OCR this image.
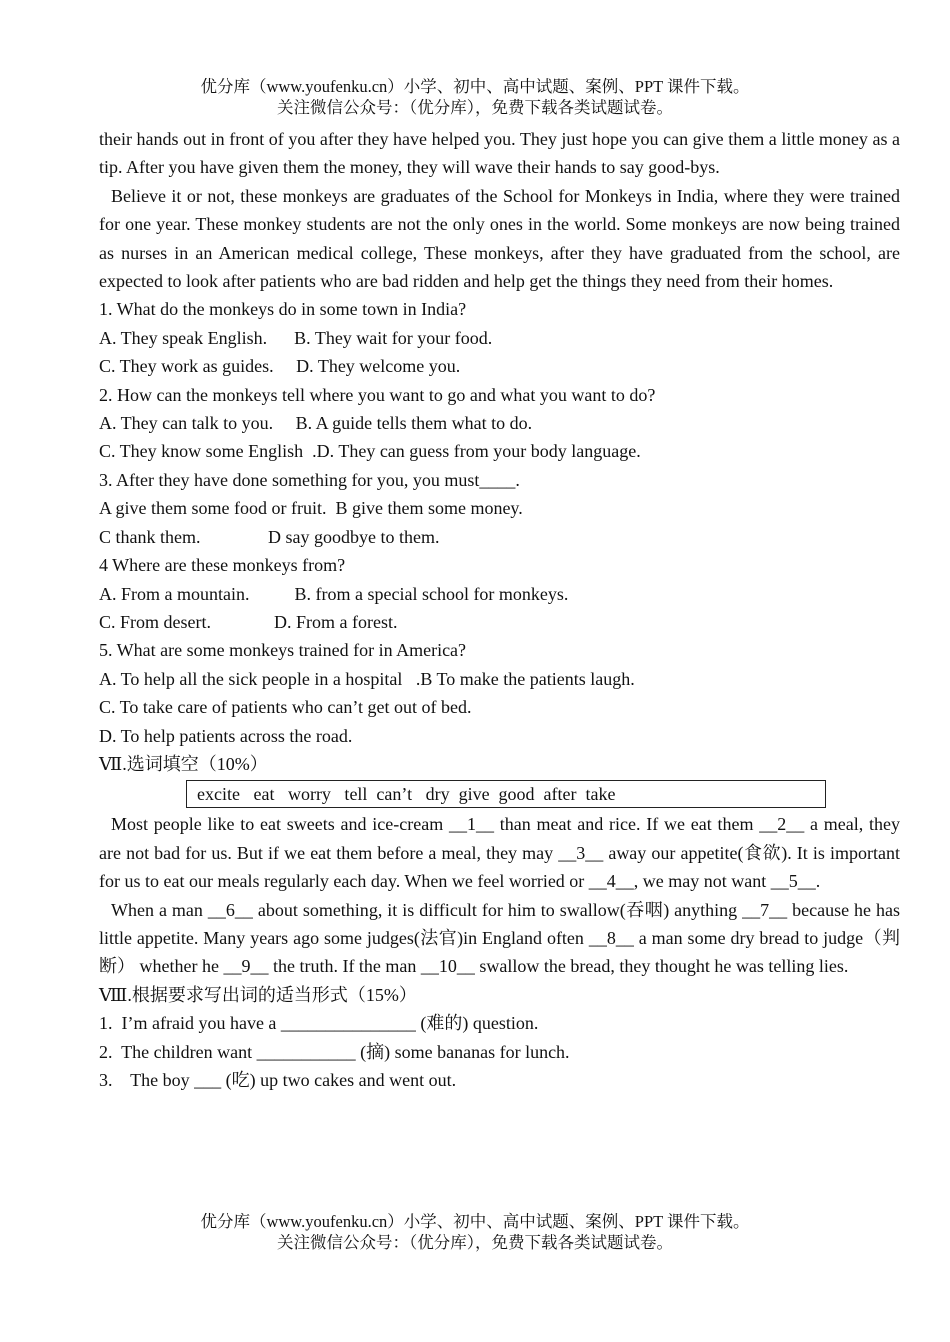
优分库（www.youfenku.cn）小学、初中、高中试题、案例、PPT 课件下载。
关注微信公众号：（优分库），免费下载各类试题试卷。

their hands out in front of you after they have helped you. They just hope you can give them a little money as a tip. After you have given them the money, they will wave their hands to say good-bys.

Believe it or not, these monkeys are graduates of the School for Monkeys in India, where they were trained for one year. These monkey students are not the only ones in the world. Some monkeys are now being trained as nurses in an American medical college, These monkeys, after they have graduated from the school, are expected to look after patients who are bad ridden and help get the things they need from their homes.

1. What do the monkeys do in some town in India?

A. They speak English.      B. They wait for your food.

C. They work as guides.     D. They welcome you.

2. How can the monkeys tell where you want to go and what you want to do?

A. They can talk to you.     B. A guide tells them what to do.

C. They know some English  .D. They can guess from your body language.

3. After they have done something for you, you must____.

A give them some food or fruit.  B give them some money.

C thank them.               D say goodbye to them.

4 Where are these monkeys from?

A. From a mountain.          B. from a special school for monkeys.

C. From desert.              D. From a forest.

5. What are some monkeys trained for in America?

A. To help all the sick people in a hospital   .B To make the patients laugh.

C. To take care of patients who can’t get out of bed.

D. To help patients across the road.

Ⅶ.选词填空（10%）

excite   eat   worry   tell  can’t   dry  give  good  after  take

Most people like to eat sweets and ice-cream __1__ than meat and rice. If we eat them __2__ a meal, they are not bad for us. But if we eat them before a meal, they may __3__ away our appetite(食欲). It is important for us to eat our meals regularly each day. When we feel worried or __4__, we may not want __5__.

When a man __6__ about something, it is difficult for him to swallow(吞咽) anything __7__ because he has little appetite. Many years ago some judges(法官)in England often __8__ a man some dry bread to judge（判断） whether he __9__ the truth. If the man __10__ swallow the bread, they thought he was telling lies.

Ⅷ.根据要求写出词的适当形式（15%）

1.  I’m afraid you have a _______________ (难的) question.

2.  The children want ___________ (摘) some bananas for lunch.

3.    The boy ___ (吃) up two cakes and went out.

优分库（www.youfenku.cn）小学、初中、高中试题、案例、PPT 课件下载。
关注微信公众号：（优分库），免费下载各类试题试卷。
